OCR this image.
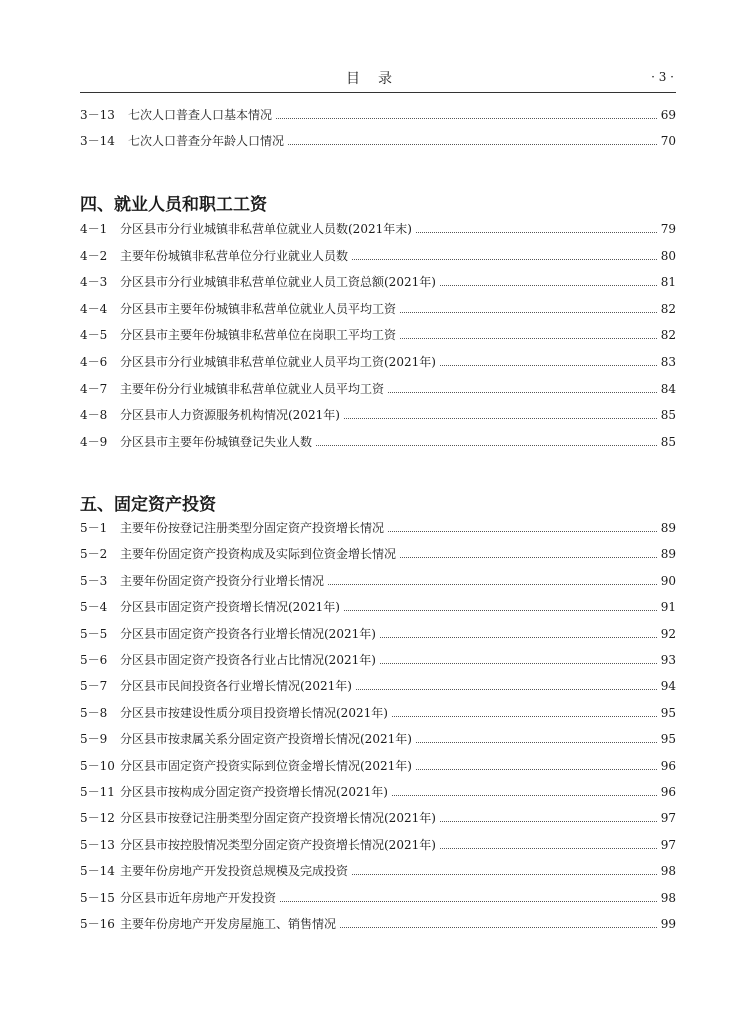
目录	· 3 ·
3－13	七次人口普查人口基本情况	69
3－14	七次人口普查分年龄人口情况	70
四、就业人员和职工工资
4－1	分区县市分行业城镇非私营单位就业人员数(2021年末)	79
4－2	主要年份城镇非私营单位分行业就业人员数	80
4－3	分区县市分行业城镇非私营单位就业人员工资总额(2021年)	81
4－4	分区县市主要年份城镇非私营单位就业人员平均工资	82
4－5	分区县市主要年份城镇非私营单位在岗职工平均工资	82
4－6	分区县市分行业城镇非私营单位就业人员平均工资(2021年)	83
4－7	主要年份分行业城镇非私营单位就业人员平均工资	84
4－8	分区县市人力资源服务机构情况(2021年)	85
4－9	分区县市主要年份城镇登记失业人数	85
五、固定资产投资
5－1	主要年份按登记注册类型分固定资产投资增长情况	89
5－2	主要年份固定资产投资构成及实际到位资金增长情况	89
5－3	主要年份固定资产投资分行业增长情况	90
5－4	分区县市固定资产投资增长情况(2021年)	91
5－5	分区县市固定资产投资各行业增长情况(2021年)	92
5－6	分区县市固定资产投资各行业占比情况(2021年)	93
5－7	分区县市民间投资各行业增长情况(2021年)	94
5－8	分区县市按建设性质分项目投资增长情况(2021年)	95
5－9	分区县市按隶属关系分固定资产投资增长情况(2021年)	95
5－10 分区县市固定资产投资实际到位资金增长情况(2021年)	96
5－11 分区县市按构成分固定资产投资增长情况(2021年)	96
5－12 分区县市按登记注册类型分固定资产投资增长情况(2021年)	97
5－13 分区县市按控股情况类型分固定资产投资增长情况(2021年)	97
5－14 主要年份房地产开发投资总规模及完成投资	98
5－15 分区县市近年房地产开发投资	98
5－16 主要年份房地产开发房屋施工、销售情况	99
